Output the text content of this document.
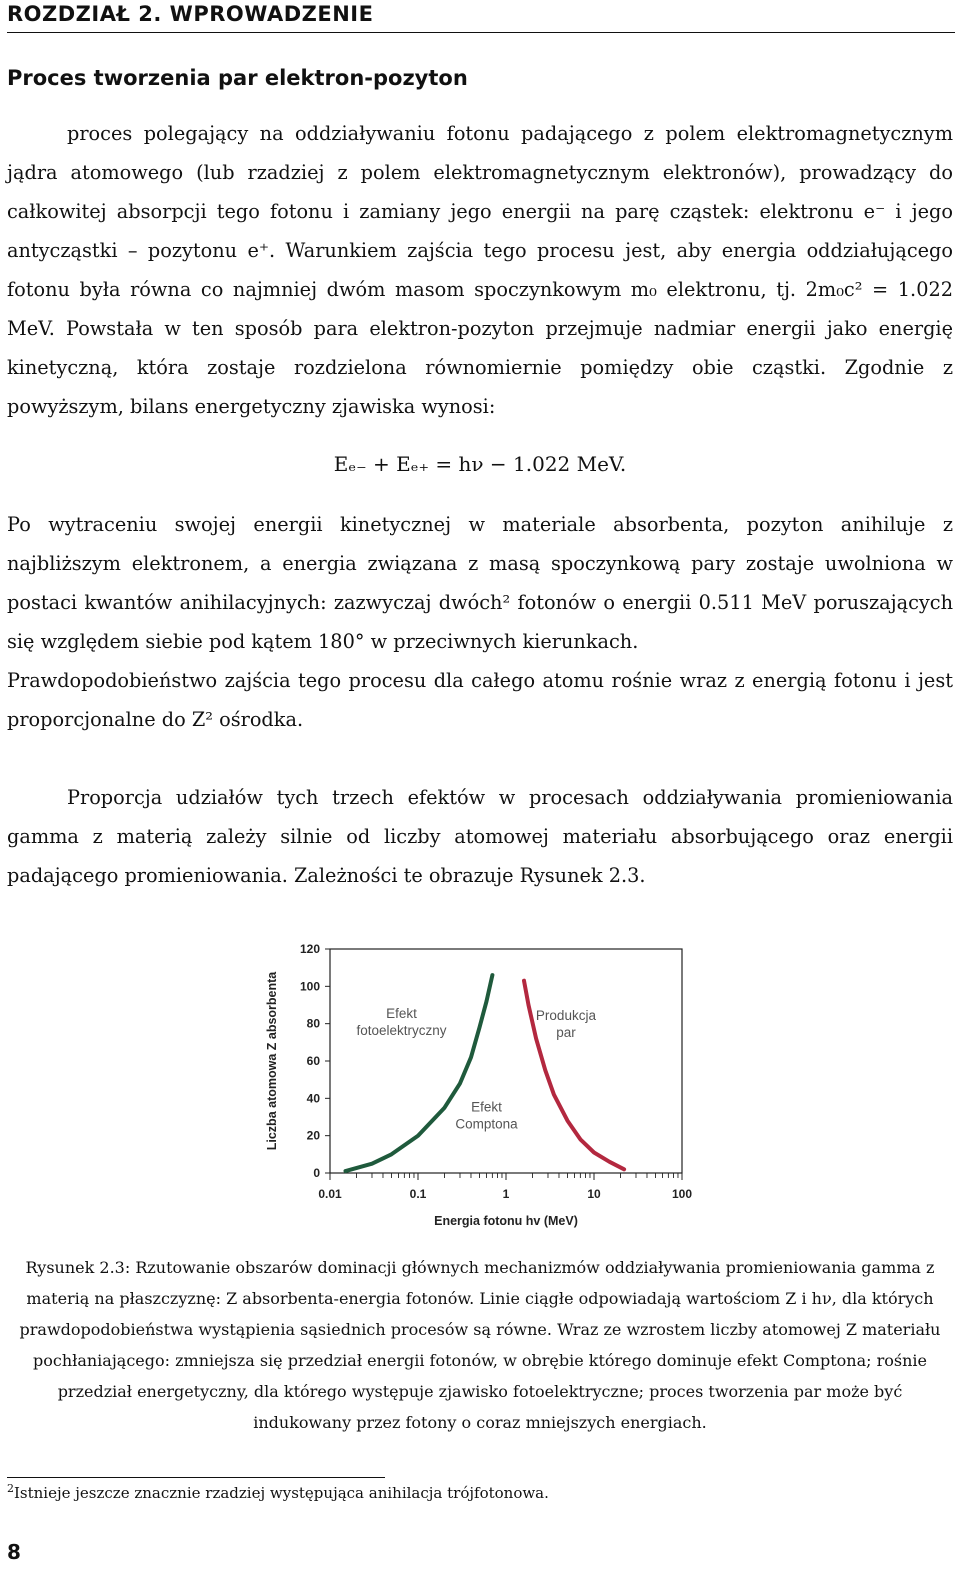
ROZDZIAŁ 2. WPROWADZENIE
Proces tworzenia par elektron-pozyton

proces polegający na oddziaływaniu fotonu padającego z polem elektromagnetycznym jądra atomowego (lub rzadziej z polem elektromagnetycznym elektronów), prowadzący do całkowitej absorpcji tego fotonu i zamiany jego energii na parę cząstek: elektronu e⁻ i jego antycząstki – pozytonu e⁺. Warunkiem zajścia tego procesu jest, aby energia oddziałującego fotonu była równa co najmniej dwóm masom spoczynkowym m₀ elektronu, tj. 2m₀c² = 1.022 MeV. Powstała w ten sposób para elektron-pozyton przejmuje nadmiar energii jako energię kinetyczną, która zostaje rozdzielona równomiernie pomiędzy obie cząstki. Zgodnie z powyższym, bilans energetyczny zjawiska wynosi:

Eₑ₋ + Eₑ₊ = hν − 1.022 MeV.

Po wytraceniu swojej energii kinetycznej w materiale absorbenta, pozyton anihiluje z najbliższym elektronem, a energia związana z masą spoczynkową pary zostaje uwolniona w postaci kwantów anihilacyjnych: zazwyczaj dwóch² fotonów o energii 0.511 MeV poruszających się względem siebie pod kątem 180° w przeciwnych kierunkach.

Prawdopodobieństwo zajścia tego procesu dla całego atomu rośnie wraz z energią fotonu i jest proporcjonalne do Z² ośrodka.

Proporcja udziałów tych trzech efektów w procesach oddziaływania promieniowania gamma z materią zależy silnie od liczby atomowej materiału absorbującego oraz energii padającego promieniowania. Zależności te obrazuje Rysunek 2.3.

0
20
40
60
80
100
120
0.01	0.1	1	10	100
Energia fotonu hv (MeV)
Liczba atomowa Z absorbenta	Efekt
fotoelektryczny
Efekt
Comptona
Produkcja
par

Rysunek 2.3: Rzutowanie obszarów dominacji głównych mechanizmów oddziaływania promieniowania gamma z materią na płaszczyznę: Z absorbenta-energia fotonów. Linie ciągłe odpowiadają wartościom Z i hν, dla których prawdopodobieństwa wystąpienia sąsiednich procesów są równe. Wraz ze wzrostem liczby atomowej Z materiału pochłaniającego: zmniejsza się przedział energii fotonów, w obrębie którego dominuje efekt Comptona; rośnie przedział energetyczny, dla którego występuje zjawisko fotoelektryczne; proces tworzenia par może być indukowany przez fotony o coraz mniejszych energiach.

$^2$Istnieje jeszcze znacznie rzadziej występująca anihilacja trójfotonowa.
8
